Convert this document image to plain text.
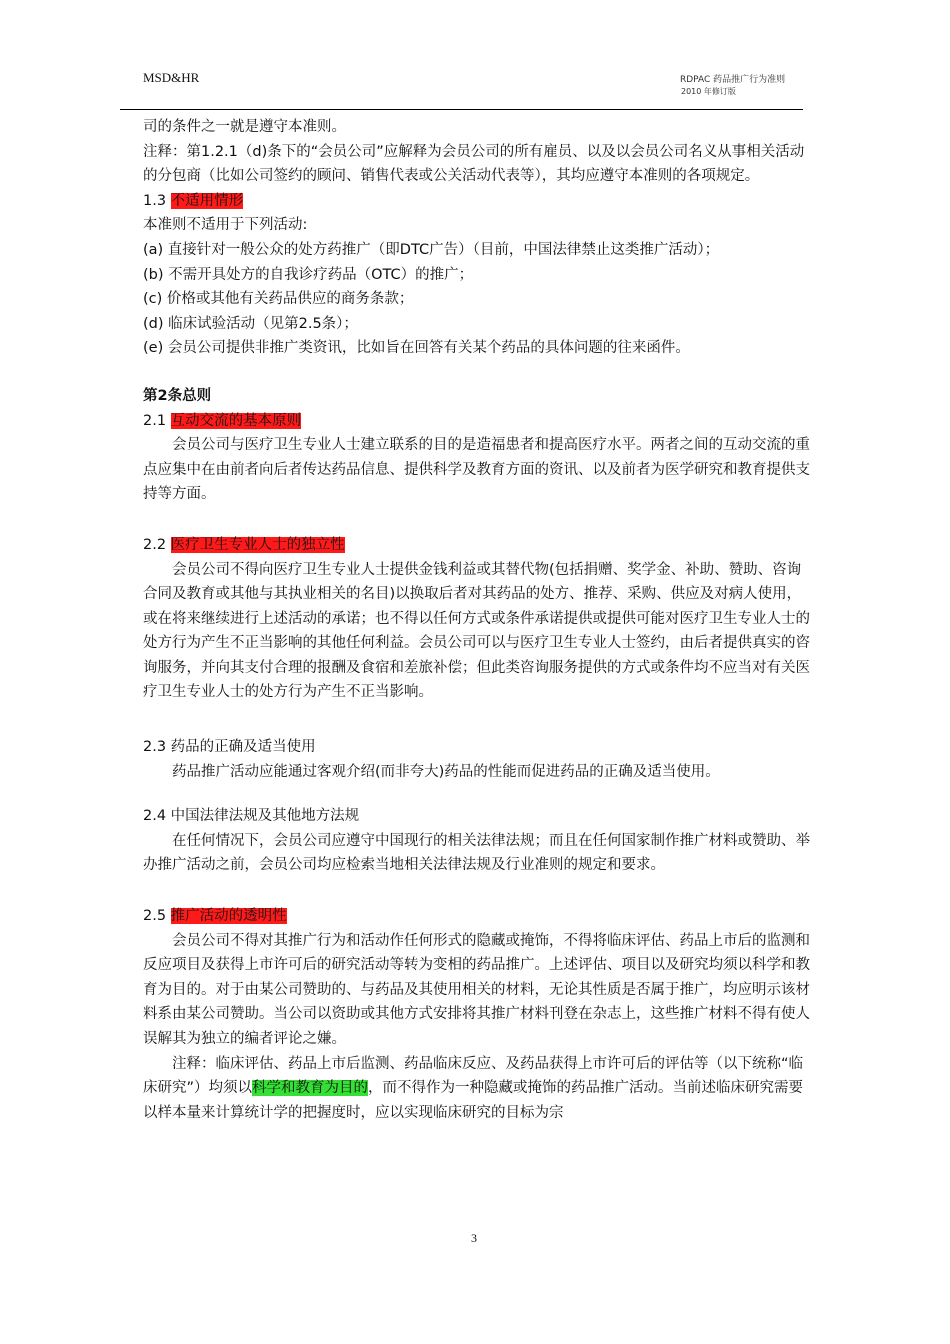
MSD&HR	RDPAC 药品推广行为准则
2010 年修订版

司的条件之一就是遵守本准则。

注释：第1.2.1（d)条下的“会员公司”应解释为会员公司的所有雇员、以及以会员公司名义从事相关活动的分包商（比如公司签约的顾问、销售代表或公关活动代表等），其均应遵守本准则的各项规定。

1.3 不适用情形

本准则不适用于下列活动:

(a) 直接针对一般公众的处方药推广（即DTC广告）（目前，中国法律禁止这类推广活动）；

(b) 不需开具处方的自我诊疗药品（OTC）的推广；

(c) 价格或其他有关药品供应的商务条款；

(d) 临床试验活动（见第2.5条）；

(e) 会员公司提供非推广类资讯，比如旨在回答有关某个药品的具体问题的往来函件。

第2条总则

2.1 互动交流的基本原则

会员公司与医疗卫生专业人士建立联系的目的是造福患者和提高医疗水平。两者之间的互动交流的重点应集中在由前者向后者传达药品信息、提供科学及教育方面的资讯、以及前者为医学研究和教育提供支持等方面。

2.2 医疗卫生专业人士的独立性

会员公司不得向医疗卫生专业人士提供金钱利益或其替代物(包括捐赠、奖学金、补助、赞助、咨询合同及教育或其他与其执业相关的名目)以换取后者对其药品的处方、推荐、采购、供应及对病人使用，或在将来继续进行上述活动的承诺；也不得以任何方式或条件承诺提供或提供可能对医疗卫生专业人士的处方行为产生不正当影响的其他任何利益。会员公司可以与医疗卫生专业人士签约，由后者提供真实的咨询服务，并向其支付合理的报酬及食宿和差旅补偿；但此类咨询服务提供的方式或条件均不应当对有关医疗卫生专业人士的处方行为产生不正当影响。

2.3 药品的正确及适当使用

药品推广活动应能通过客观介绍(而非夸大)药品的性能而促进药品的正确及适当使用。

2.4 中国法律法规及其他地方法规

在任何情况下，会员公司应遵守中国现行的相关法律法规；而且在任何国家制作推广材料或赞助、举办推广活动之前，会员公司均应检索当地相关法律法规及行业准则的规定和要求。

2.5 推广活动的透明性

会员公司不得对其推广行为和活动作任何形式的隐藏或掩饰，不得将临床评估、药品上市后的监测和反应项目及获得上市许可后的研究活动等转为变相的药品推广。上述评估、项目以及研究均须以科学和教育为目的。对于由某公司赞助的、与药品及其使用相关的材料，无论其性质是否属于推广，均应明示该材料系由某公司赞助。当公司以资助或其他方式安排将其推广材料刊登在杂志上，这些推广材料不得有使人误解其为独立的编者评论之嫌。

注释：临床评估、药品上市后监测、药品临床反应、及药品获得上市许可后的评估等（以下统称“临床研究”）均须以科学和教育为目的，而不得作为一种隐藏或掩饰的药品推广活动。当前述临床研究需要以样本量来计算统计学的把握度时，应以实现临床研究的目标为宗

3
